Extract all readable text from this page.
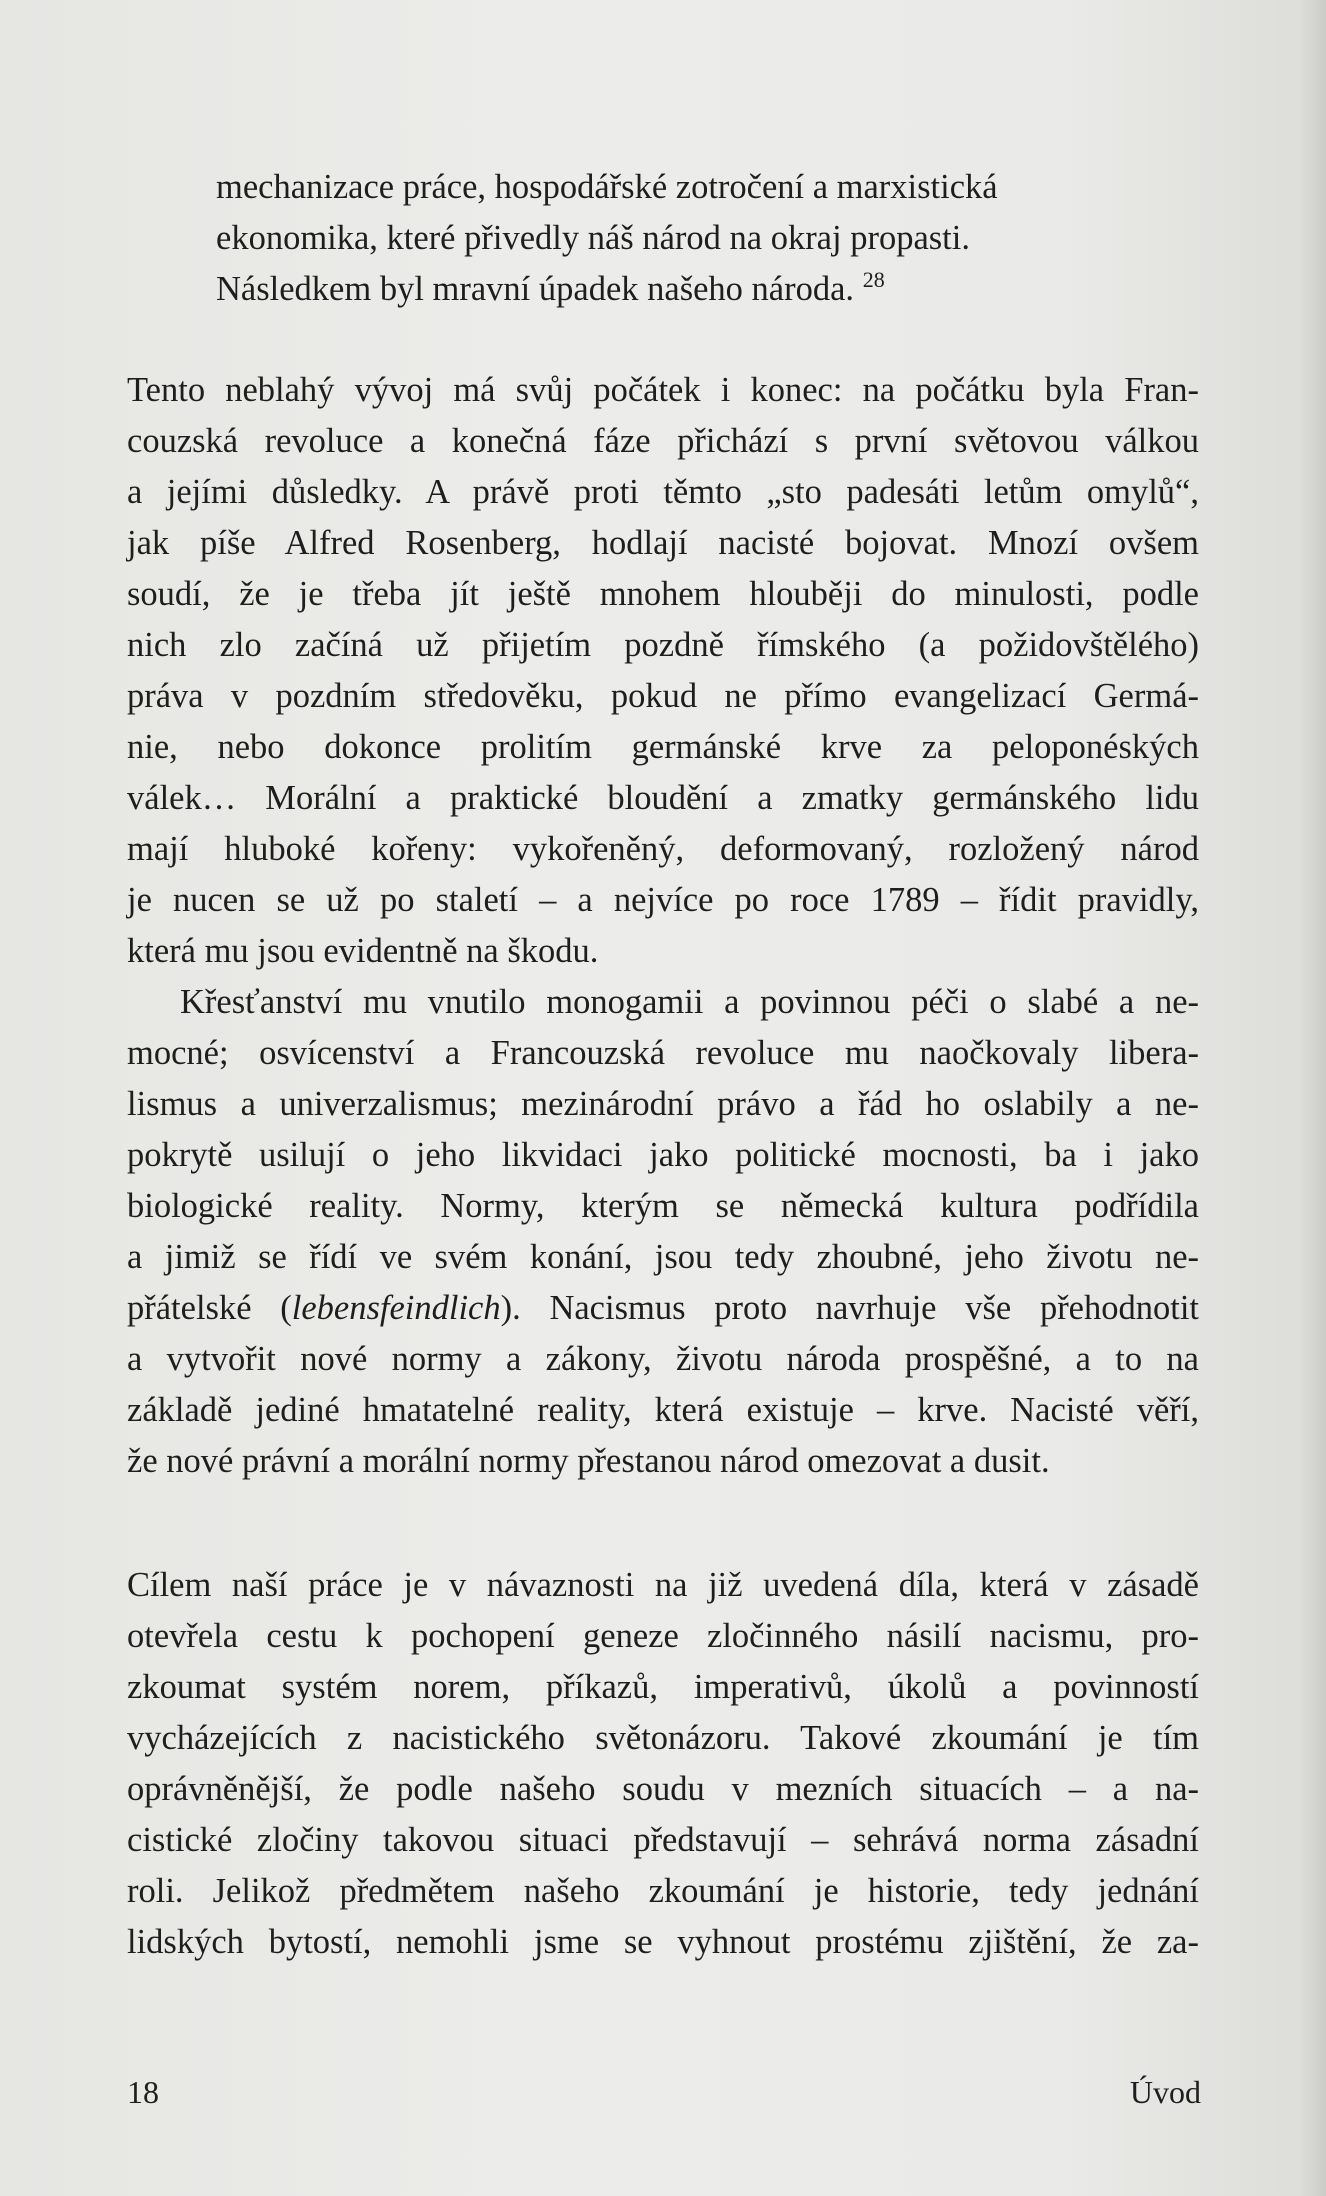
mechanizace práce, hospodářské zotročení a marxistická
ekonomika, které přivedly náš národ na okraj propasti.
Následkem byl mravní úpadek našeho národa. $^{28}$
Tento neblahý vývoj má svůj počátek i konec: na počátku byla Fran-
couzská revoluce a konečná fáze přichází s první světovou válkou
a jejími důsledky. A právě proti těmto „sto padesáti letům omylů“,
jak píše Alfred Rosenberg, hodlají nacisté bojovat. Mnozí ovšem
soudí, že je třeba jít ještě mnohem hlouběji do minulosti, podle
nich zlo začíná už přijetím pozdně římského (a požidovštělého)
práva v pozdním středověku, pokud ne přímo evangelizací Germá-
nie, nebo dokonce prolitím germánské krve za peloponéských
válek… Morální a praktické bloudění a zmatky germánského lidu
mají hluboké kořeny: vykořeněný, deformovaný, rozložený národ
je nucen se už po staletí – a nejvíce po roce 1789 – řídit pravidly,
která mu jsou evidentně na škodu.
Křesťanství mu vnutilo monogamii a povinnou péči o slabé a ne-
mocné; osvícenství a Francouzská revoluce mu naočkovaly libera-
lismus a univerzalismus; mezinárodní právo a řád ho oslabily a ne-
pokrytě usilují o jeho likvidaci jako politické mocnosti, ba i jako
biologické reality. Normy, kterým se německá kultura podřídila
a jimiž se řídí ve svém konání, jsou tedy zhoubné, jeho životu ne-
přátelské (lebensfeindlich). Nacismus proto navrhuje vše přehodnotit
a vytvořit nové normy a zákony, životu národa prospěšné, a to na
základě jediné hmatatelné reality, která existuje – krve. Nacisté věří,
že nové právní a morální normy přestanou národ omezovat a dusit.
Cílem naší práce je v návaznosti na již uvedená díla, která v zásadě
otevřela cestu k pochopení geneze zločinného násilí nacismu, pro-
zkoumat systém norem, příkazů, imperativů, úkolů a povinností
vycházejících z nacistického světonázoru. Takové zkoumání je tím
oprávněnější, že podle našeho soudu v mezních situacích – a na-
cistické zločiny takovou situaci představují – sehrává norma zásadní
roli. Jelikož předmětem našeho zkoumání je historie, tedy jednání
lidských bytostí, nemohli jsme se vyhnout prostému zjištění, že za-
18	Úvod
